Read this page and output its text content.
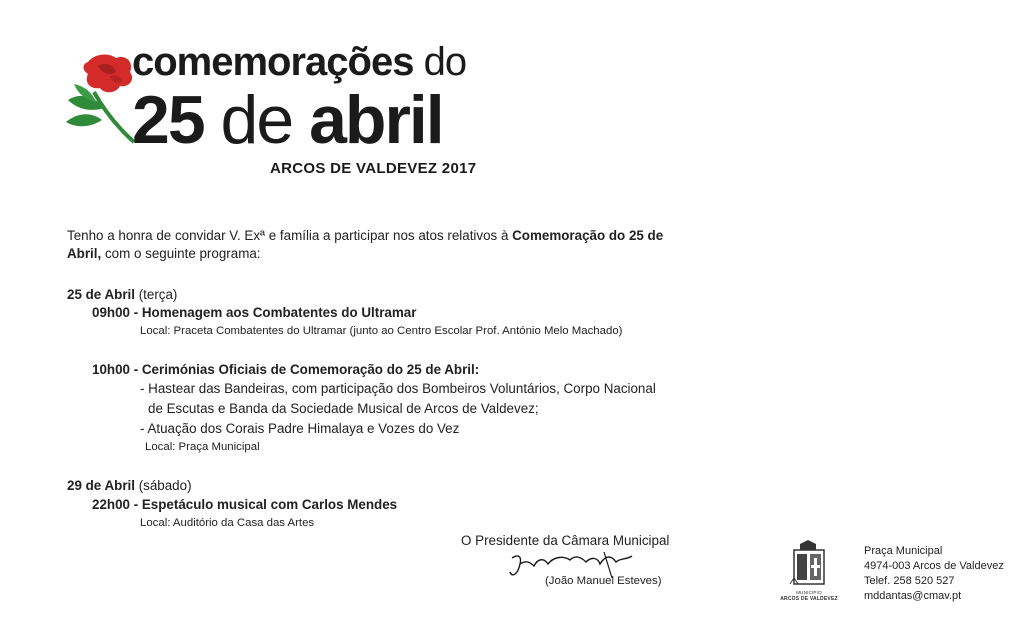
comemorações do
25 de abril
ARCOS DE VALDEVEZ 2017
Tenho a honra de convidar V. Exª e família a participar nos atos relativos à Comemoração do 25 de
Abril, com o seguinte programa:
25 de Abril (terça)
09h00 - Homenagem aos Combatentes do Ultramar
Local: Praceta Combatentes do Ultramar (junto ao Centro Escolar Prof. António Melo Machado)
10h00 - Cerimónias Oficiais de Comemoração do 25 de Abril:
- Hastear das Bandeiras, com participação dos Bombeiros Voluntários, Corpo Nacional
de Escutas e Banda da Sociedade Musical de Arcos de Valdevez;
- Atuação dos Corais Padre Himalaya e Vozes do Vez
Local: Praça Municipal
29 de Abril (sábado)
22h00 - Espetáculo musical com Carlos Mendes
Local: Auditório da Casa das Artes
O Presidente da Câmara Municipal
(João Manuel Esteves)
MUNICÍPIO
ARCOS DE VALDEVEZ
Praça Municipal
4974-003 Arcos de Valdevez
Telef. 258 520 527
mddantas@cmav.pt
